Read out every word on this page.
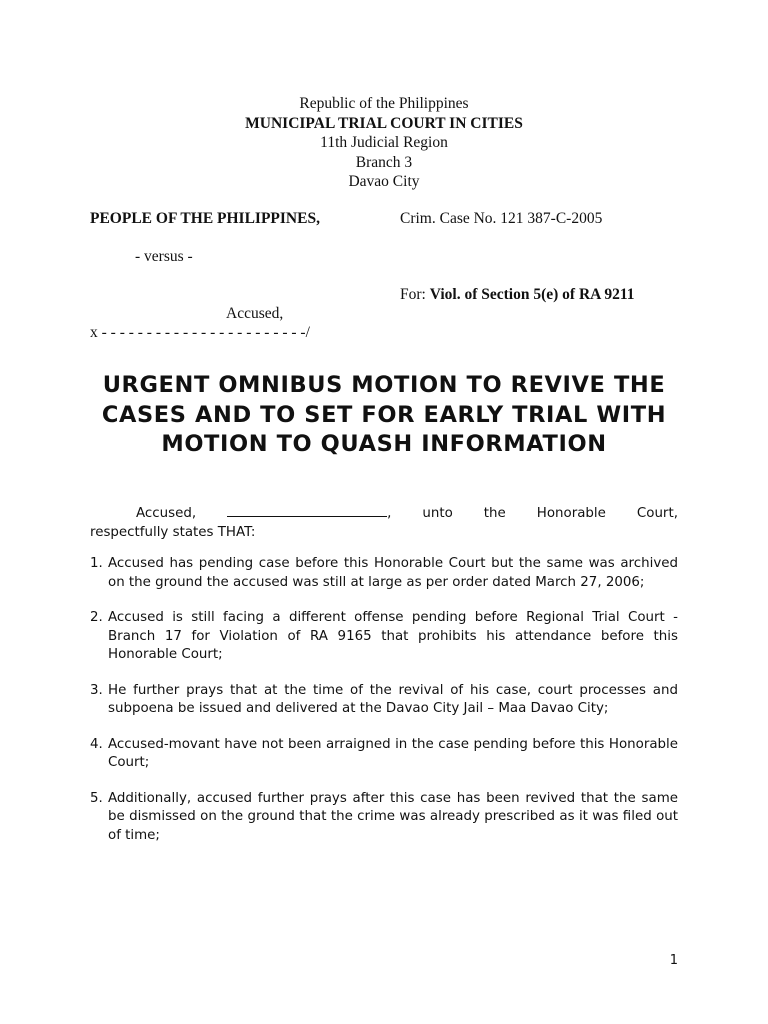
Republic of the Philippines
MUNICIPAL TRIAL COURT IN CITIES
11th Judicial Region
Branch 3
Davao City
PEOPLE OF THE PHILIPPINES,	Crim. Case No. 121 387-C-2005
- versus -
For: Viol. of Section 5(e) of RA 9211
Accused,
x - - - - - - - - - - - - - - - - - - - - - - -/
URGENT OMNIBUS MOTION TO REVIVE THE CASES AND TO SET FOR EARLY TRIAL WITH MOTION TO QUASH INFORMATION
Accused,	, unto the Honorable Court,
respectfully states THAT:
1. Accused has pending case before this Honorable Court but the same was archived on the ground the accused was still at large as per order dated March 27, 2006;
2. Accused is still facing a different offense pending before Regional Trial Court - Branch 17 for Violation of RA 9165 that prohibits his attendance before this Honorable Court;
3. He further prays that at the time of the revival of his case, court processes and subpoena be issued and delivered at the Davao City Jail – Maa Davao City;
4. Accused-movant have not been arraigned in the case pending before this Honorable Court;
5. Additionally, accused further prays after this case has been revived that the same be dismissed on the ground that the crime was already prescribed as it was filed out of time;
1
